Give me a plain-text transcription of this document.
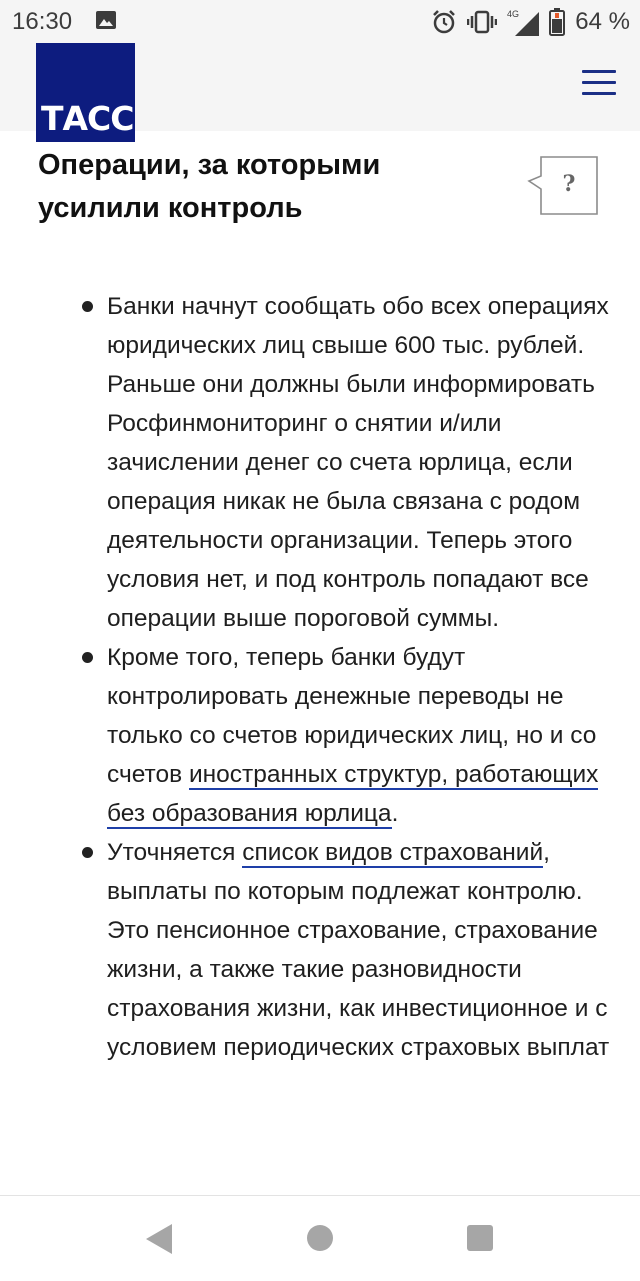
16:30	4G 64 %
ТАСС
Операции, за которыми
усилили контроль
?
Банки начнут сообщать обо всех операциях юридических лиц свыше 600 тыс. рублей. Раньше они должны были информировать Росфинмониторинг о снятии и/или зачислении денег со счета юрлица, если операция никак не была связана с родом деятельности организации. Теперь этого условия нет, и под контроль попадают все операции выше пороговой суммы.
Кроме того, теперь банки будут контролировать денежные переводы не только со счетов юридических лиц, но и со счетов иностранных структур, работающих без образования юрлица.
Уточняется список видов страхований, выплаты по которым подлежат контролю. Это пенсионное страхование, страхование жизни, а также такие разновидности страхования жизни, как инвестиционное и с условием периодических страховых выплат
